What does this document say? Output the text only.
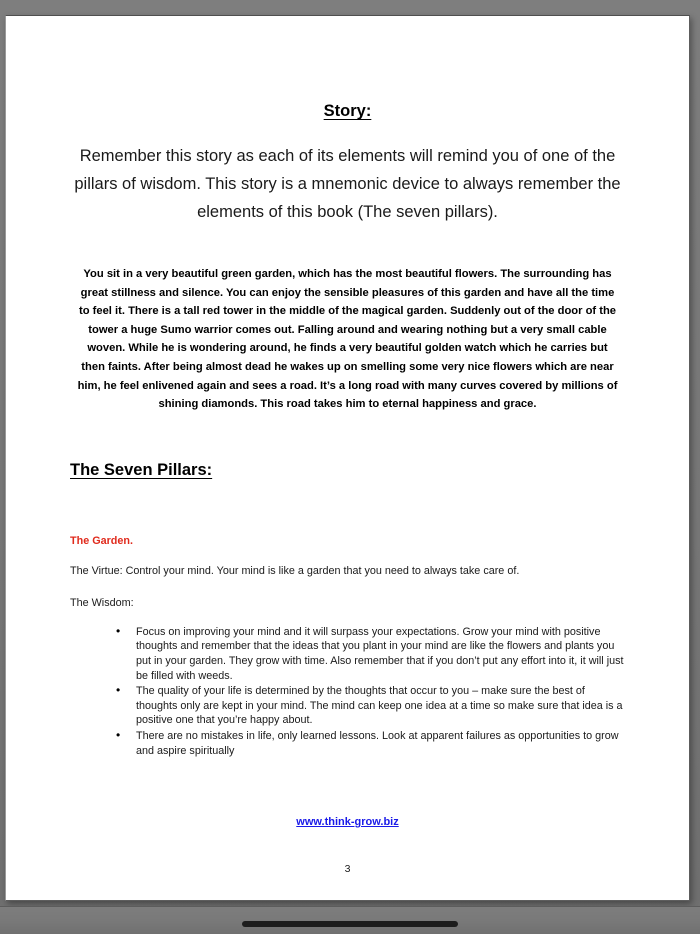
Story:

Remember this story as each of its elements will remind you of one of the pillars of wisdom. This story is a mnemonic device to always remember the elements of this book (The seven pillars).

You sit in a very beautiful green garden, which has the most beautiful flowers. The surrounding has great stillness and silence. You can enjoy the sensible pleasures of this garden and have all the time to feel it. There is a tall red tower in the middle of the magical garden. Suddenly out of the door of the tower a huge Sumo warrior comes out. Falling around and wearing nothing but a very small cable woven. While he is wondering around, he finds a very beautiful golden watch which he carries but then faints. After being almost dead he wakes up on smelling some very nice flowers which are near him, he feel enlivened again and sees a road. It’s a long road with many curves covered by millions of shining diamonds. This road takes him to eternal happiness and grace.

The Seven Pillars:

The Garden.

The Virtue: Control your mind. Your mind is like a garden that you need to always take care of.

The Wisdom:

• Focus on improving your mind and it will surpass your expectations. Grow your mind with positive thoughts and remember that the ideas that you plant in your mind are like the flowers and plants you put in your garden. They grow with time. Also remember that if you don’t put any effort into it, it will just be filled with weeds.
• The quality of your life is determined by the thoughts that occur to you – make sure the best of thoughts only are kept in your mind. The mind can keep one idea at a time so make sure that idea is a positive one that you’re happy about.
• There are no mistakes in life, only learned lessons. Look at apparent failures as opportunities to grow and aspire spiritually
www.think-grow.biz
3
